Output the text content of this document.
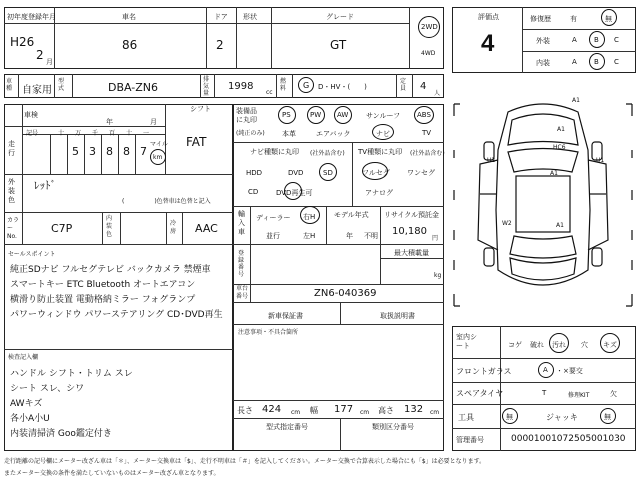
初年度登録年月
H26
2 月
車名
86
ドア
2
形状	グレード
GT
2WD
4WD
車種 自家用
型式	DBA-ZN6
排気量
1998
cc
燃料 G D・HV・(　　)
定員 4
人
車検
年	月
記号	十 万 千 百 十 一
走行	5 3 8 8 7
マイル
km
シフト
FAT
外装色
ﾚｯﾄﾞ
(　　　　　)色替車は色替と記入
カラーNo.
C7P
内装色
冷房 AAC
セールスポイント
純正SDナビ フルセグテレビ バックカメラ 禁煙車
スマートキー ETC Bluetooth オートエアコン
横滑り防止装置 電動格納ミラー フォグランプ
パワーウィンドウ パワーステアリング CD･DVD再生
検査記入欄
ハンドル シフト・トリム スレ
シート スレ、シワ
AWキズ
各小A小U
内装清掃済 Goo鑑定付き
装備品に丸印
(純正のみ)
PS	PW AW	サンルーフ ABS
本革	エアバック	ナビ	TV
ナビ種類に丸印 (社外品含む)
HDD	DVD	SD
CD	DVD再生可
TV種類に丸印 (社外品含む)
フルセグ ワンセグ
アナログ
輸入車
ディーラー 右H
並行	左H
モデル年式
年 不明
リサイクル預託金
10,180
円
最大積載量
kg
登録番号
車台番号	ZN6-040369
新車保証書	取扱説明書
注意事項・不具合箇所
長さ 424 cm 幅 177 cm 高さ 132 cm
型式指定番号	類別区分番号
評価点
4
修復歴	有	無
外装	A B C
内装	A B C
A1
A1
U2	U1
HC6
A1
W2	A1
室内シート	コゲ 破れ 汚れ 穴 キズ
フロントガラス	A ・×要交
スペアタイヤ	T	修理KIT	欠
工具	無	ジャッキ	無
管理番号	00001001072505001030
走行距離の記号欄にメーター改ざん車は「＊」、メーター交換車は「$」、走行不明車は「＃」を記入してください。メーター交換で合算表示した場合にも「$」は必要となります。
またメーター交換の条件を満たしていないものはメーター改ざん車となります。
